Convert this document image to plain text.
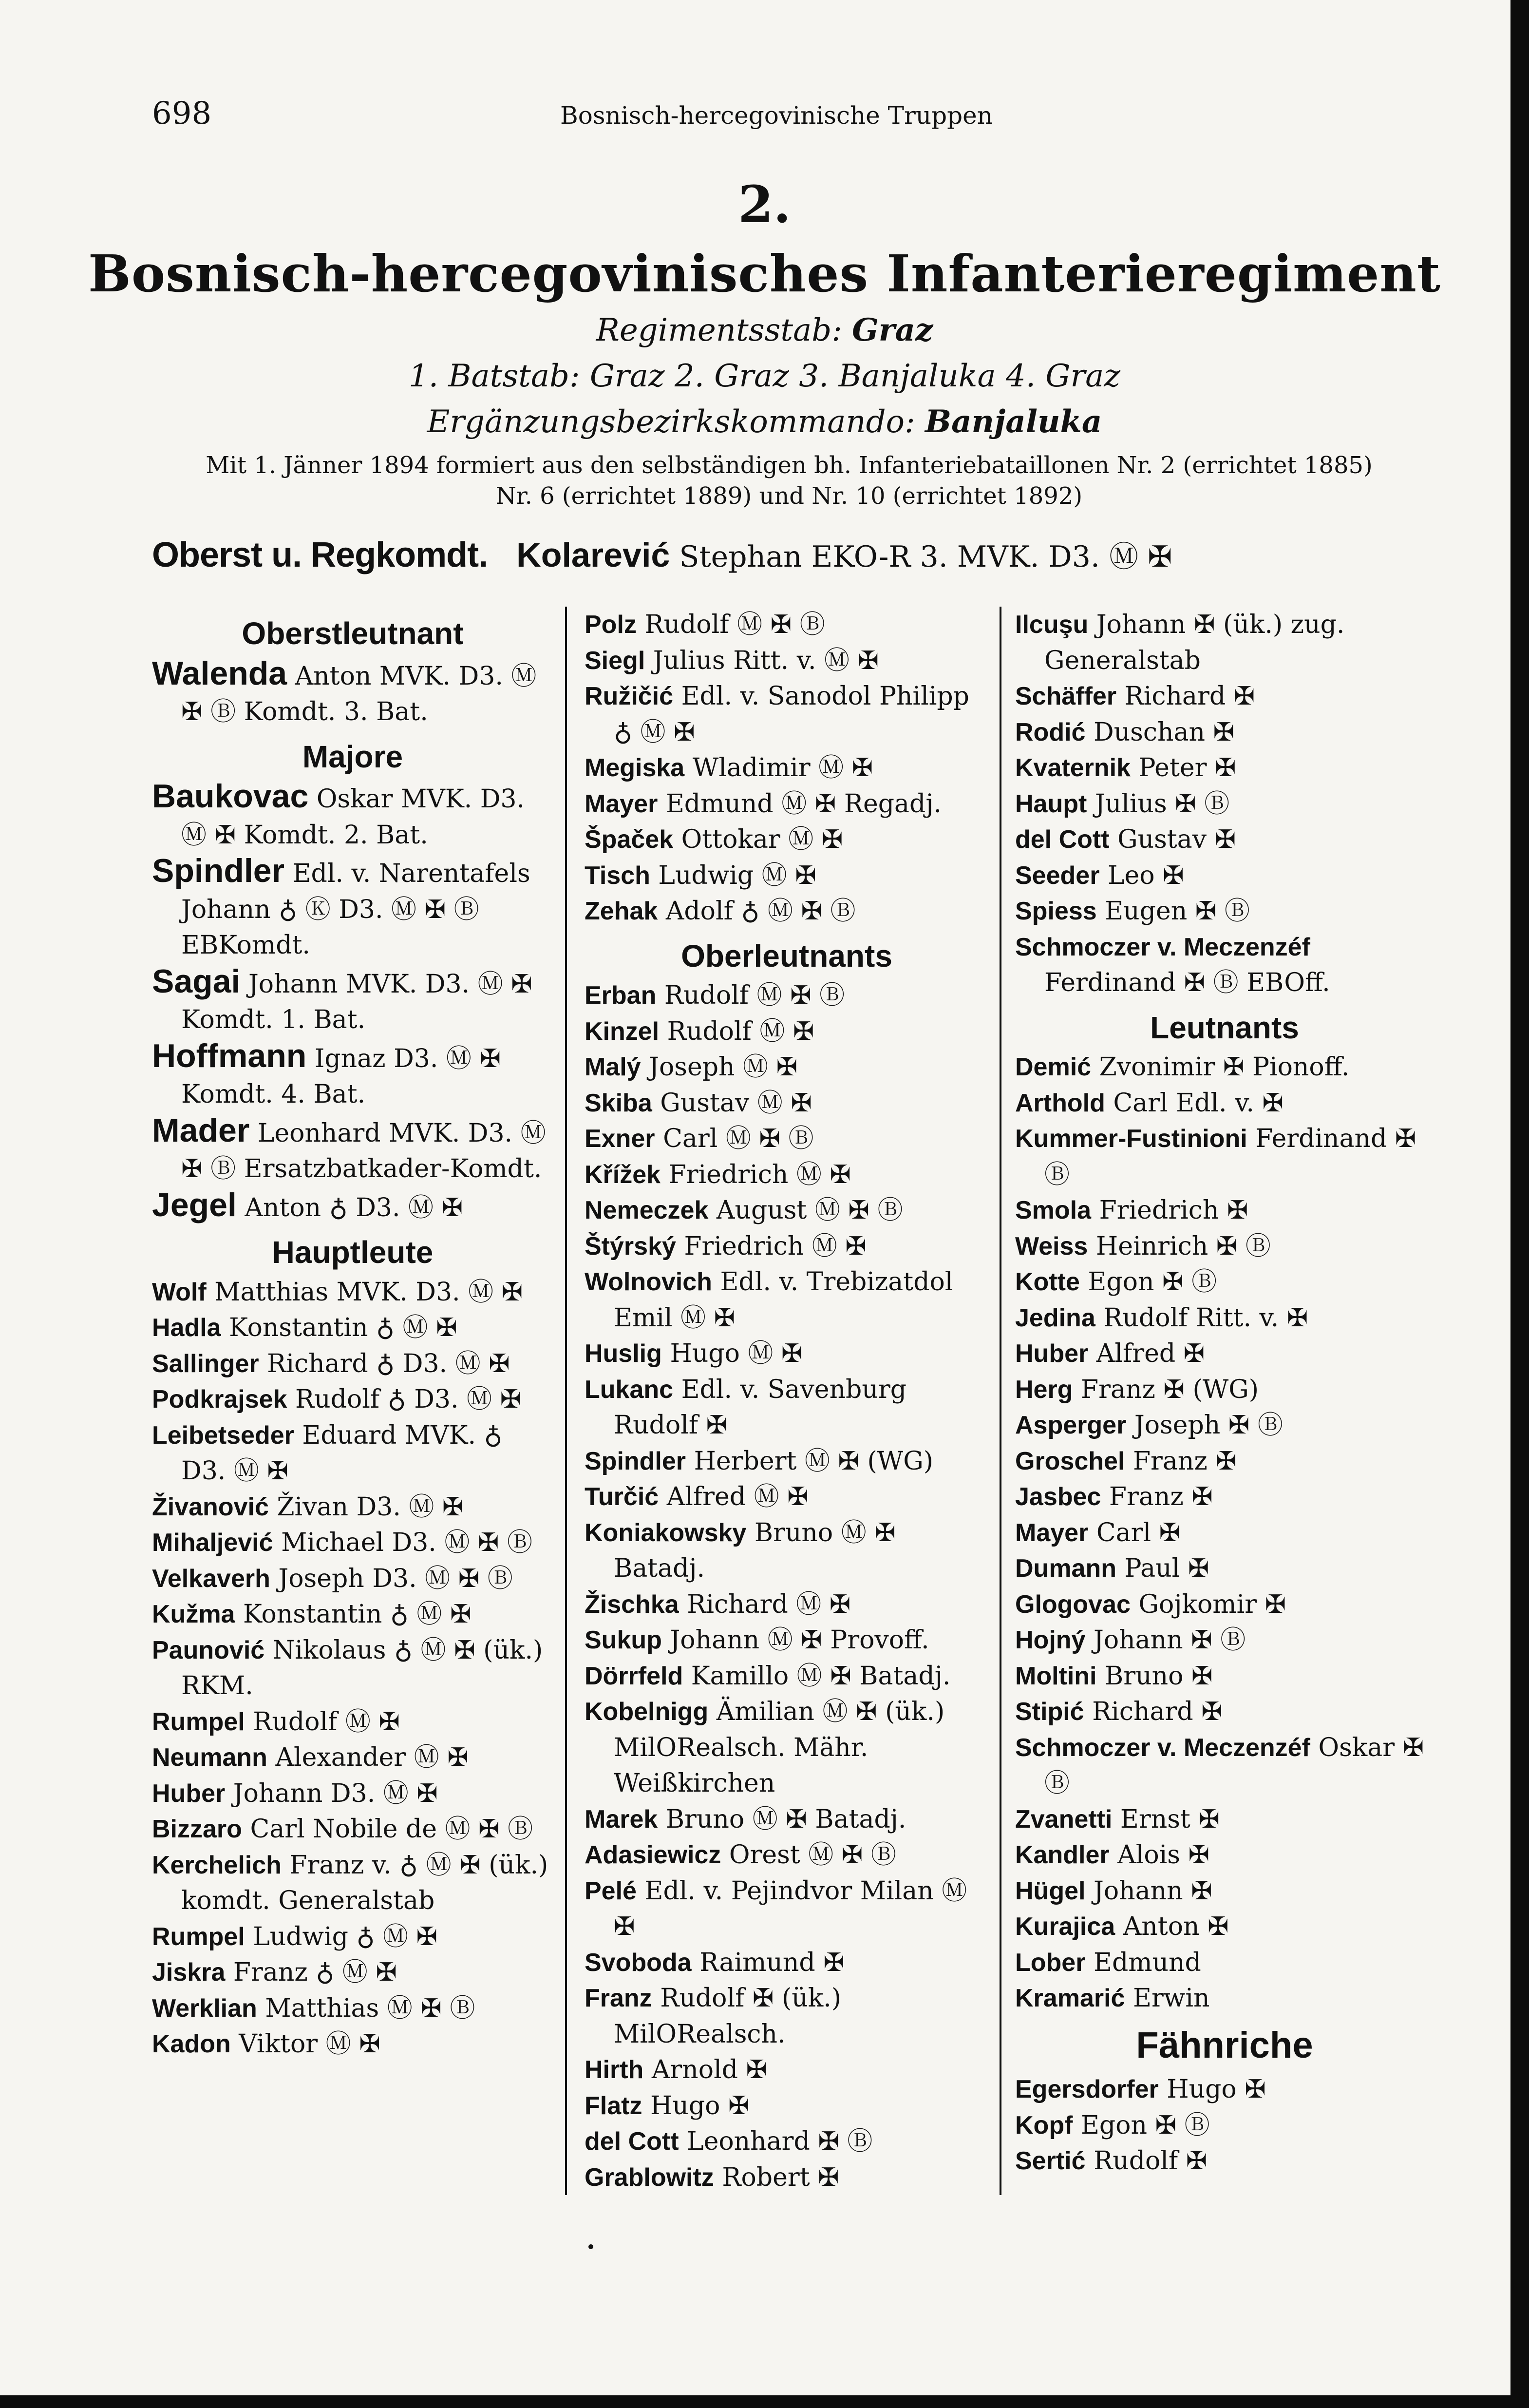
698	Bosnisch-hercegovinische Truppen
2.
Bosnisch-hercegovinisches Infanterieregiment
Regimentsstab: Graz
1. Batstab: Graz 2. Graz 3. Banjaluka 4. Graz
Ergänzungsbezirkskommando: Banjaluka
Mit 1. Jänner 1894 formiert aus den selbständigen bh. Infanteriebataillonen Nr. 2 (errichtet 1885)
Nr. 6 (errichtet 1889) und Nr. 10 (errichtet 1892)
Oberst u. Regkomdt. Kolarević Stephan EKO-R 3. MVK. D3. Ⓜ ✠
Oberstleutnant
Walenda Anton MVK. D3. Ⓜ ✠ Ⓑ Komdt. 3. Bat.
Majore
Baukovac Oskar MVK. D3. Ⓜ ✠ Komdt. 2. Bat.
Spindler Edl. v. Narentafels Johann ♁ Ⓚ D3. Ⓜ ✠ Ⓑ EBKomdt.
Sagai Johann MVK. D3. Ⓜ ✠ Komdt. 1. Bat.
Hoffmann Ignaz D3. Ⓜ ✠ Komdt. 4. Bat.
Mader Leonhard MVK. D3. Ⓜ ✠ Ⓑ Ersatzbatkader-Komdt.
Jegel Anton ♁ D3. Ⓜ ✠
Hauptleute
Wolf Matthias MVK. D3. Ⓜ ✠
Hadla Konstantin ♁ Ⓜ ✠
Sallinger Richard ♁ D3. Ⓜ ✠
Podkrajsek Rudolf ♁ D3. Ⓜ ✠
Leibetseder Eduard MVK. ♁ D3. Ⓜ ✠
Živanović Živan D3. Ⓜ ✠
Mihaljević Michael D3. Ⓜ ✠ Ⓑ
Velkaverh Joseph D3. Ⓜ ✠ Ⓑ
Kužma Konstantin ♁ Ⓜ ✠
Paunović Nikolaus ♁ Ⓜ ✠ (ük.) RKM.
Rumpel Rudolf Ⓜ ✠
Neumann Alexander Ⓜ ✠
Huber Johann D3. Ⓜ ✠
Bizzaro Carl Nobile de Ⓜ ✠ Ⓑ
Kerchelich Franz v. ♁ Ⓜ ✠ (ük.) komdt. Generalstab
Rumpel Ludwig ♁ Ⓜ ✠
Jiskra Franz ♁ Ⓜ ✠
Werklian Matthias Ⓜ ✠ Ⓑ
Kadon Viktor Ⓜ ✠
Polz Rudolf Ⓜ ✠ Ⓑ
Siegl Julius Ritt. v. Ⓜ ✠
Ružičić Edl. v. Sanodol Philipp ♁ Ⓜ ✠
Megiska Wladimir Ⓜ ✠
Mayer Edmund Ⓜ ✠ Regadj.
Špaček Ottokar Ⓜ ✠
Tisch Ludwig Ⓜ ✠
Zehak Adolf ♁ Ⓜ ✠ Ⓑ
Oberleutnants
Erban Rudolf Ⓜ ✠ Ⓑ
Kinzel Rudolf Ⓜ ✠
Malý Joseph Ⓜ ✠
Skiba Gustav Ⓜ ✠
Exner Carl Ⓜ ✠ Ⓑ
Křížek Friedrich Ⓜ ✠
Nemeczek August Ⓜ ✠ Ⓑ
Štýrský Friedrich Ⓜ ✠
Wolnovich Edl. v. Trebizatdol Emil Ⓜ ✠
Huslig Hugo Ⓜ ✠
Lukanc Edl. v. Savenburg Rudolf ✠
Spindler Herbert Ⓜ ✠ (WG)
Turčić Alfred Ⓜ ✠
Koniakowsky Bruno Ⓜ ✠ Batadj.
Žischka Richard Ⓜ ✠
Sukup Johann Ⓜ ✠ Provoff.
Dörrfeld Kamillo Ⓜ ✠ Batadj.
Kobelnigg Ämilian Ⓜ ✠ (ük.) MilORealsch. Mähr. Weißkirchen
Marek Bruno Ⓜ ✠ Batadj.
Adasiewicz Orest Ⓜ ✠ Ⓑ
Pelé Edl. v. Pejindvor Milan Ⓜ ✠
Svoboda Raimund ✠
Franz Rudolf ✠ (ük.) MilORealsch.
Hirth Arnold ✠
Flatz Hugo ✠
del Cott Leonhard ✠ Ⓑ
Grablowitz Robert ✠
Ilcuşu Johann ✠ (ük.) zug. Generalstab
Schäffer Richard ✠
Rodić Duschan ✠
Kvaternik Peter ✠
Haupt Julius ✠ Ⓑ
del Cott Gustav ✠
Seeder Leo ✠
Spiess Eugen ✠ Ⓑ
Schmoczer v. Meczenzéf Ferdinand ✠ Ⓑ EBOff.
Leutnants
Demić Zvonimir ✠ Pionoff.
Arthold Carl Edl. v. ✠
Kummer-Fustinioni Ferdinand ✠ Ⓑ
Smola Friedrich ✠
Weiss Heinrich ✠ Ⓑ
Kotte Egon ✠ Ⓑ
Jedina Rudolf Ritt. v. ✠
Huber Alfred ✠
Herg Franz ✠ (WG)
Asperger Joseph ✠ Ⓑ
Groschel Franz ✠
Jasbec Franz ✠
Mayer Carl ✠
Dumann Paul ✠
Glogovac Gojkomir ✠
Hojný Johann ✠ Ⓑ
Moltini Bruno ✠
Stipić Richard ✠
Schmoczer v. Meczenzéf Oskar ✠ Ⓑ
Zvanetti Ernst ✠
Kandler Alois ✠
Hügel Johann ✠
Kurajica Anton ✠
Lober Edmund
Kramarić Erwin
Fähnriche
Egersdorfer Hugo ✠
Kopf Egon ✠ Ⓑ
Sertić Rudolf ✠
